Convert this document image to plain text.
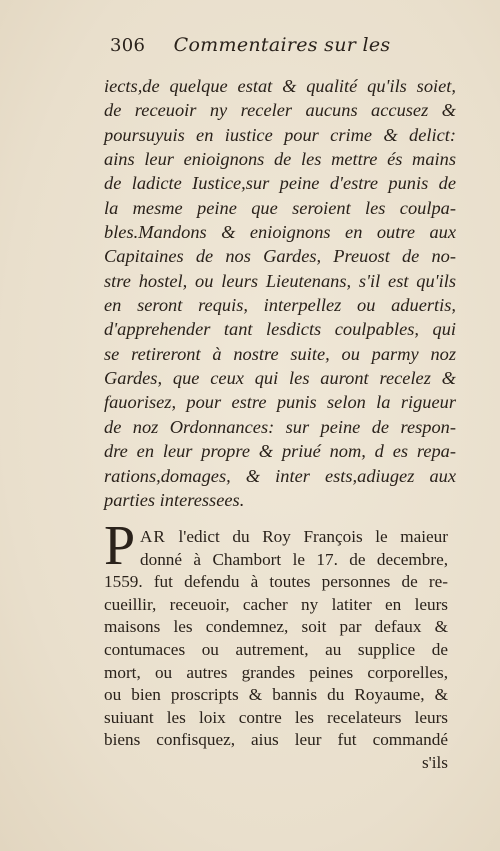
306 Commentaires sur les
iects,de quelque estat & qualité qu'ils soiet,
de receuoir ny receler aucuns accusez &
poursuyuis en iustice pour crime & delict:
ains leur enioignons de les mettre és mains
de ladicte Iustice,sur peine d'estre punis de
la mesme peine que seroient les coulpa-
bles.Mandons & enioignons en outre aux
Capitaines de nos Gardes, Preuost de no-
stre hostel, ou leurs Lieutenans, s'il est qu'ils
en seront requis, interpellez ou aduertis,
d'apprehender tant lesdicts coulpables, qui
se retireront à nostre suite, ou parmy noz
Gardes, que ceux qui les auront recelez &
fauorisez, pour estre punis selon la rigueur
de noz Ordonnances: sur peine de respon-
dre en leur propre & priué nom, d es repa-
rations,domages, & inter ests,adiugez aux
parties interessees.
P AR l'edict du Roy François le maieur
donné à Chambort le 17. de decembre,
1559. fut defendu à toutes personnes de re-
cueillir, receuoir, cacher ny latiter en leurs
maisons les condemnez, soit par defaux &
contumaces ou autrement, au supplice de
mort, ou autres grandes peines corporelles,
ou bien proscripts & bannis du Royaume, &
suiuant les loix contre les recelateurs leurs
biens confisquez, aius leur fut commandé
s'ils
